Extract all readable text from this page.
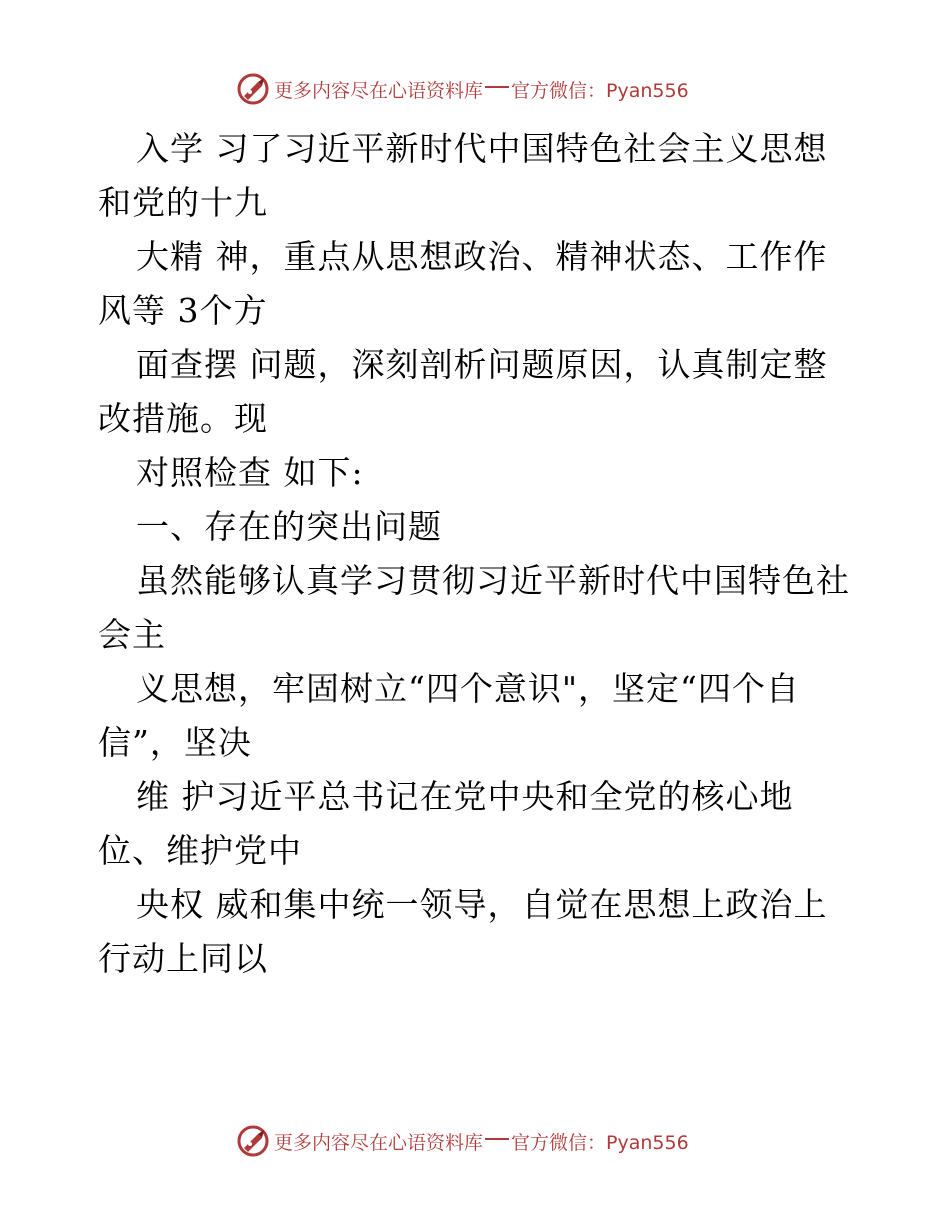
更多内容尽在心语资料库 官方微信：Pyan556
入学 习了习近平新时代中国特色社会主义思想
和党的十九
大精 神，重点从思想政治、精神状态、工作作
风等 3个方
面查摆 问题，深刻剖析问题原因，认真制定整
改措施。现
对照检查 如下:
一、存在的突出问题
虽然能够认真学习贯彻习近平新时代中国特色社
会主
义思想，牢固树立“四个意识"，坚定“四个自
信”，坚决
维 护习近平总书记在党中央和全党的核心地
位、维护党中
央权 威和集中统一领导，自觉在思想上政治上
行动上同以
更多内容尽在心语资料库 官方微信：Pyan556
